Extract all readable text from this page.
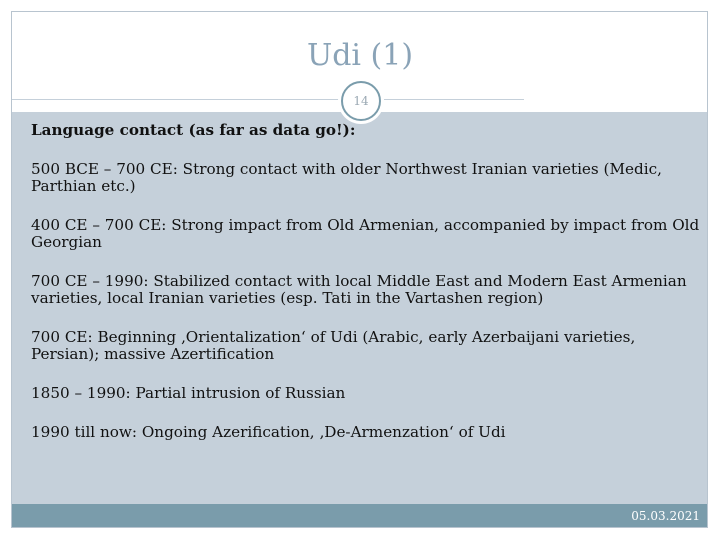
Udi (1)
14

Language contact (as far as data go!):

500 BCE – 700 CE: Strong contact with older Northwest Iranian varieties (Medic, Parthian etc.)

400 CE – 700 CE: Strong impact from Old Armenian, accompanied by impact from Old Georgian

700 CE – 1990: Stabilized contact with local Middle East and Modern East Armenian varieties, local Iranian varieties (esp. Tati in the Vartashen region)

700 CE: Beginning ‚Orientalization‘ of Udi (Arabic, early Azerbaijani varieties, Persian); massive Azertification

1850 – 1990: Partial intrusion of Russian

1990 till now: Ongoing Azerification, ‚De-Armenzation‘ of Udi

05.03.2021
